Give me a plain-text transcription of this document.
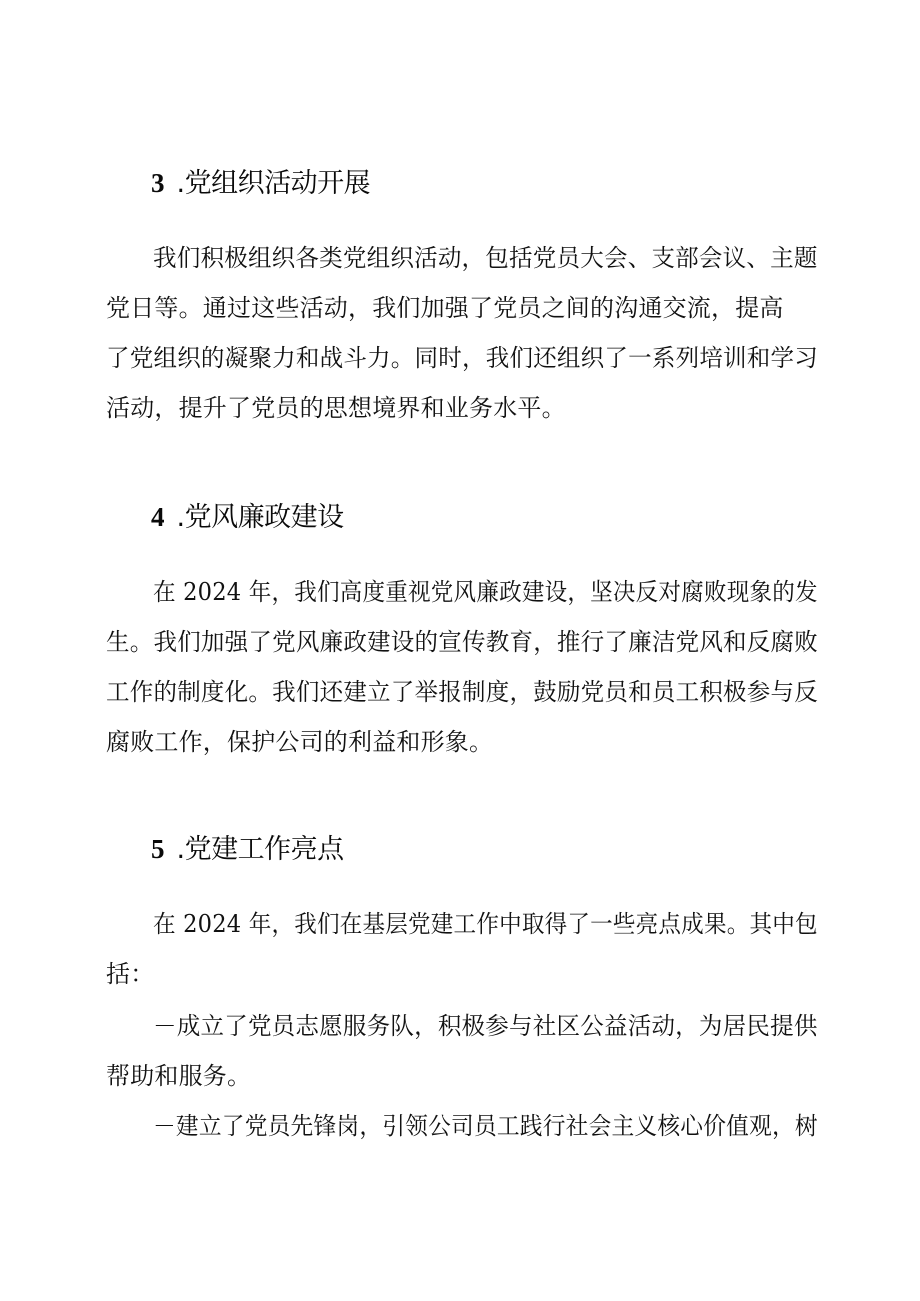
3 .党组织活动开展
我们积极组织各类党组织活动，包括党员大会、支部会议、主题
党日等。通过这些活动，我们加强了党员之间的沟通交流，提高
了党组织的凝聚力和战斗力。同时，我们还组织了一系列培训和学习
活动，提升了党员的思想境界和业务水平。
4 .党风廉政建设
在 2024 年，我们高度重视党风廉政建设，坚决反对腐败现象的发
生。我们加强了党风廉政建设的宣传教育，推行了廉洁党风和反腐败
工作的制度化。我们还建立了举报制度，鼓励党员和员工积极参与反
腐败工作，保护公司的利益和形象。
5 .党建工作亮点
在 2024 年，我们在基层党建工作中取得了一些亮点成果。其中包
括：
－成立了党员志愿服务队，积极参与社区公益活动，为居民提供
帮助和服务。
－建立了党员先锋岗，引领公司员工践行社会主义核心价值观，树
